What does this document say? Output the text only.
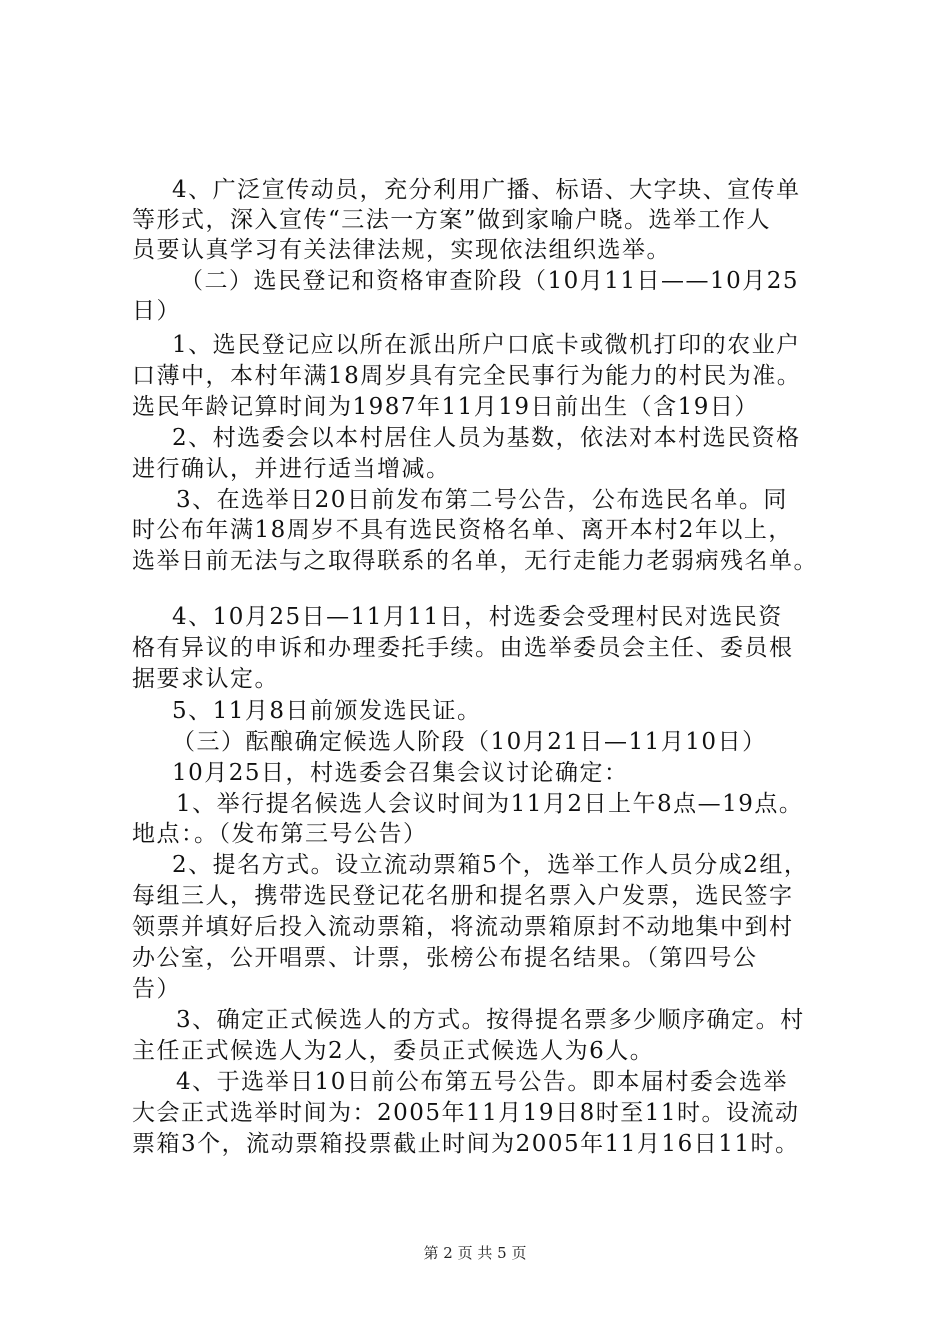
4、广泛宣传动员，充分利用广播、标语、大字块、宣传单
等形式，深入宣传“三法一方案”做到家喻户晓。选举工作人
员要认真学习有关法律法规，实现依法组织选举。
（二）选民登记和资格审查阶段（10月11日——10月25
日）
1、选民登记应以所在派出所户口底卡或微机打印的农业户
口薄中，本村年满18周岁具有完全民事行为能力的村民为准。
选民年龄记算时间为1987年11月19日前出生（含19日）
2、村选委会以本村居住人员为基数，依法对本村选民资格
进行确认，并进行适当增减。
3、在选举日20日前发布第二号公告，公布选民名单。同
时公布年满18周岁不具有选民资格名单、离开本村2年以上，
选举日前无法与之取得联系的名单，无行走能力老弱病残名单。
4、10月25日—11月11日，村选委会受理村民对选民资
格有异议的申诉和办理委托手续。由选举委员会主任、委员根
据要求认定。
5、11月8日前颁发选民证。
（三）酝酿确定候选人阶段（10月21日—11月10日）
10月25日，村选委会召集会议讨论确定：
1、举行提名候选人会议时间为11月2日上午8点—19点。
地点：。（发布第三号公告）
2、提名方式。设立流动票箱5个，选举工作人员分成2组，
每组三人，携带选民登记花名册和提名票入户发票，选民签字
领票并填好后投入流动票箱，将流动票箱原封不动地集中到村
办公室，公开唱票、计票，张榜公布提名结果。（第四号公
告）
3、确定正式候选人的方式。按得提名票多少顺序确定。村
主任正式候选人为2人，委员正式候选人为6人。
4、于选举日10日前公布第五号公告。即本届村委会选举
大会正式选举时间为：2005年11月19日8时至11时。设流动
票箱3个，流动票箱投票截止时间为2005年11月16日11时。
第 2 页 共 5 页
